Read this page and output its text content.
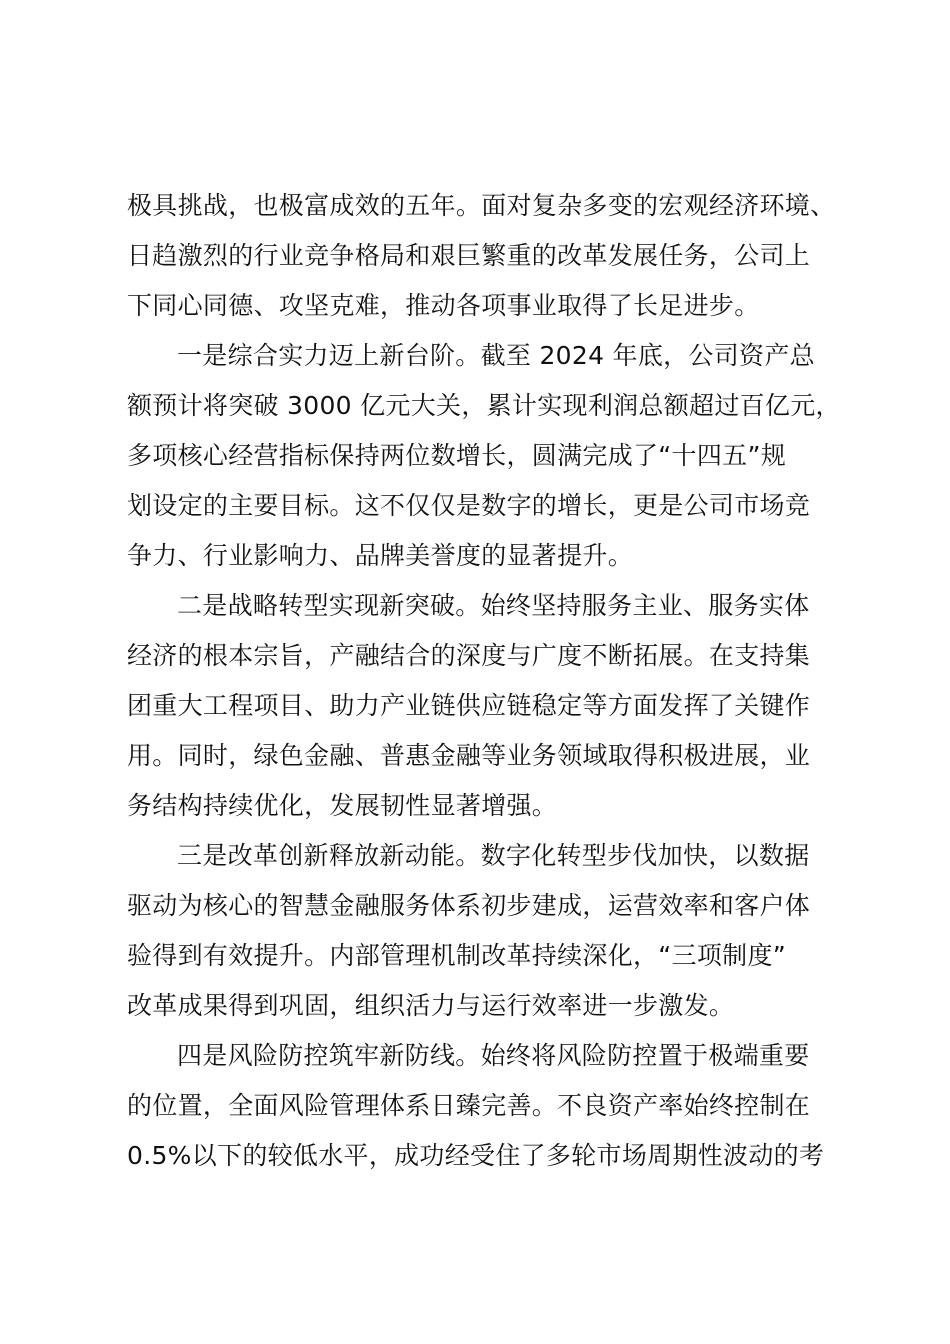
极具挑战，也极富成效的五年。面对复杂多变的宏观经济环境、
日趋激烈的行业竞争格局和艰巨繁重的改革发展任务，公司上
下同心同德、攻坚克难，推动各项事业取得了长足进步。
一是综合实力迈上新台阶。截至 2024 年底，公司资产总
额预计将突破 3000 亿元大关，累计实现利润总额超过百亿元，
多项核心经营指标保持两位数增长，圆满完成了“十四五”规
划设定的主要目标。这不仅仅是数字的增长，更是公司市场竞
争力、行业影响力、品牌美誉度的显著提升。
二是战略转型实现新突破。始终坚持服务主业、服务实体
经济的根本宗旨，产融结合的深度与广度不断拓展。在支持集
团重大工程项目、助力产业链供应链稳定等方面发挥了关键作
用。同时，绿色金融、普惠金融等业务领域取得积极进展，业
务结构持续优化，发展韧性显著增强。
三是改革创新释放新动能。数字化转型步伐加快，以数据
驱动为核心的智慧金融服务体系初步建成，运营效率和客户体
验得到有效提升。内部管理机制改革持续深化，“三项制度”
改革成果得到巩固，组织活力与运行效率进一步激发。
四是风险防控筑牢新防线。始终将风险防控置于极端重要
的位置，全面风险管理体系日臻完善。不良资产率始终控制在
0.5%以下的较低水平，成功经受住了多轮市场周期性波动的考
